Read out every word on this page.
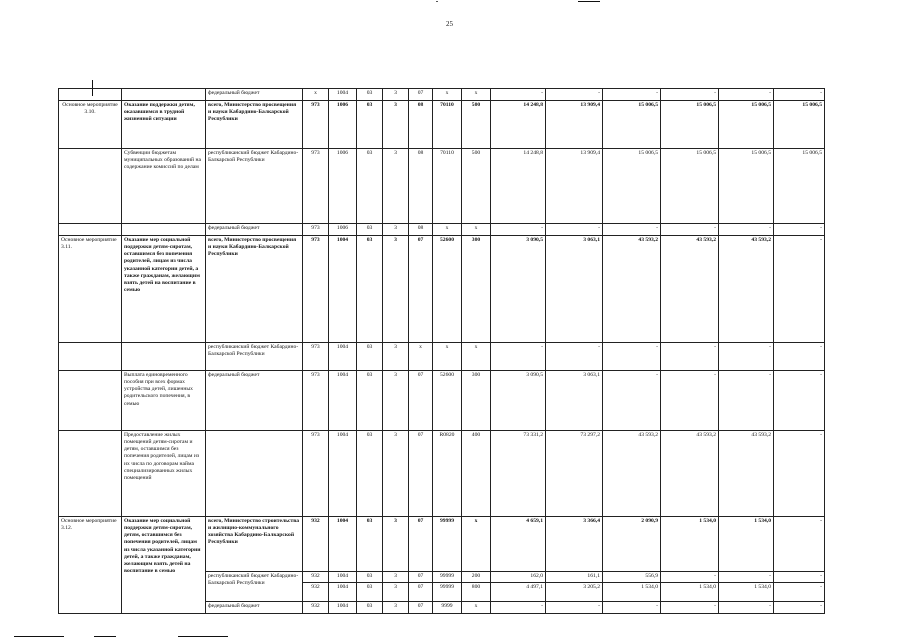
25
		федеральный бюджет	x	1004	03	3	07	x	x	-	-	-	-	-	-
Основное мероприятие 3.10.	Оказание поддержки детям, оказавшимся в трудной жизненной ситуации	всего, Министерство просвещения и науки Кабардино-Балкарской Республики	973	1006	03	3	08	70110	500	14 248,8	13 909,4	15 006,5	15 006,5	15 006,5	15 006,5
	Субвенции бюджетам муниципальных образований на содержание комиссий по делам	республиканский бюджет Кабардино-Балкарской Республики	973	1006	03	3	08	70110	500	14 248,8	13 909,4	15 006,5	15 006,5	15 006,5	15 006,5
		федеральный бюджет	973	1006	03	3	08	x	x	-	-	-	-	-	-
Основное мероприятие 3.11.	Оказание мер социальной поддержки детям-сиротам, оставшимся без попечения родителей, лицам из числа указанной категории детей, а также гражданам, желающим взять детей на воспитание в семью	всего, Министерство просвещения и науки Кабардино-Балкарской Республики	973	1004	03	3	07	52600	300	3 090,5	3 063,1	43 593,2	43 593,2	43 593,2	-
		республиканский бюджет Кабардино-Балкарской Республики	973	1004	03	3	x	x	x	-	-	-	-	-	-
	Выплата единовременного пособия при всех формах устройства детей, лишенных родительского попечения, в семью	федеральный бюджет	973	1004	03	3	07	52600	300	3 090,5	3 063,1	-	-	-	-
	Предоставление жилых помещений детям-сиротам и детям, оставшимся без попечения родителей, лицам из их числа по договорам найма специализированных жилых помещений		973	1004	03	3	07	R0820	400	73 331,2	73 297,2	43 593,2	43 593,2	43 593,2	-
Основное мероприятие 3.12.	Оказание мер социальной поддержки детям-сиротам, детям, оставшимся без попечения родителей, лицам из числа указанной категории детей, а также гражданам, желающим взять детей на воспитание в семью	всего, Министерство строительства и жилищно-коммунального хозяйства Кабардино-Балкарской Республики	932	1004	03	3	07	99999	x	4 659,1	3 366,4	2 090,9	1 534,0	1 534,0	-
		республиканский бюджет Кабардино-Балкарской Республики	932	1004	03	3	07	99999	200	162,0	161,1	556,9	-	-	-
			932	1004	03	3	07	99999	800	4 497,1	3 205,2	1 534,0	1 534,0	1 534,0	-
		федеральный бюджет	932	1004	03	3	07	9999	x	-	-	-	-	-	-
